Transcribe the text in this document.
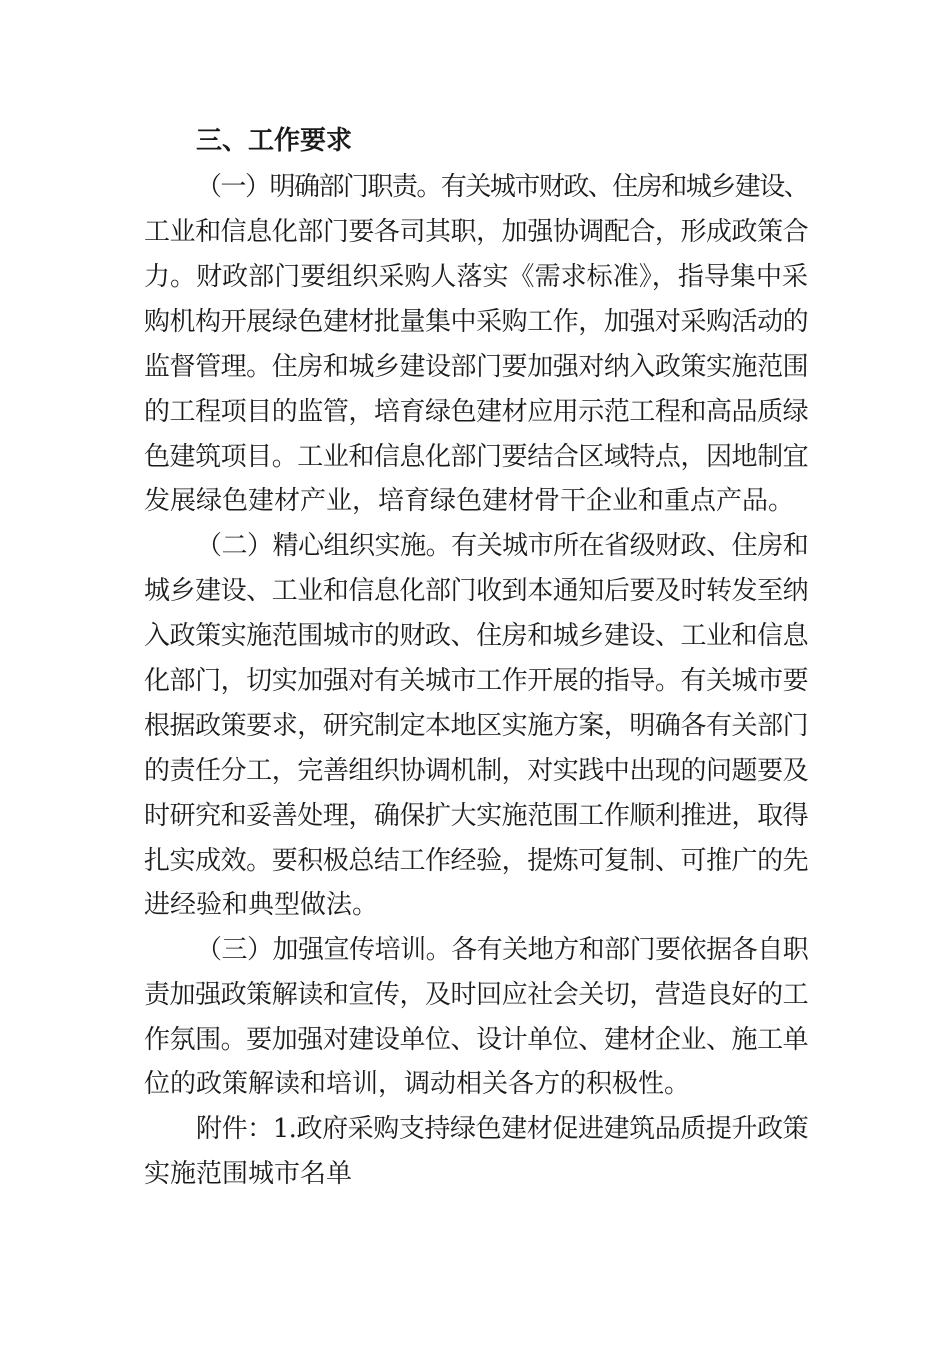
三、工作要求
（一）明确部门职责。有关城市财政、住房和城乡建设、
工业和信息化部门要各司其职，加强协调配合，形成政策合
力。财政部门要组织采购人落实《需求标准》，指导集中采
购机构开展绿色建材批量集中采购工作，加强对采购活动的
监督管理。住房和城乡建设部门要加强对纳入政策实施范围
的工程项目的监管，培育绿色建材应用示范工程和高品质绿
色建筑项目。工业和信息化部门要结合区域特点，因地制宜
发展绿色建材产业，培育绿色建材骨干企业和重点产品。
（二）精心组织实施。有关城市所在省级财政、住房和
城乡建设、工业和信息化部门收到本通知后要及时转发至纳
入政策实施范围城市的财政、住房和城乡建设、工业和信息
化部门，切实加强对有关城市工作开展的指导。有关城市要
根据政策要求，研究制定本地区实施方案，明确各有关部门
的责任分工，完善组织协调机制，对实践中出现的问题要及
时研究和妥善处理，确保扩大实施范围工作顺利推进，取得
扎实成效。要积极总结工作经验，提炼可复制、可推广的先
进经验和典型做法。
（三）加强宣传培训。各有关地方和部门要依据各自职
责加强政策解读和宣传，及时回应社会关切，营造良好的工
作氛围。要加强对建设单位、设计单位、建材企业、施工单
位的政策解读和培训，调动相关各方的积极性。
附件：1.政府采购支持绿色建材促进建筑品质提升政策
实施范围城市名单
